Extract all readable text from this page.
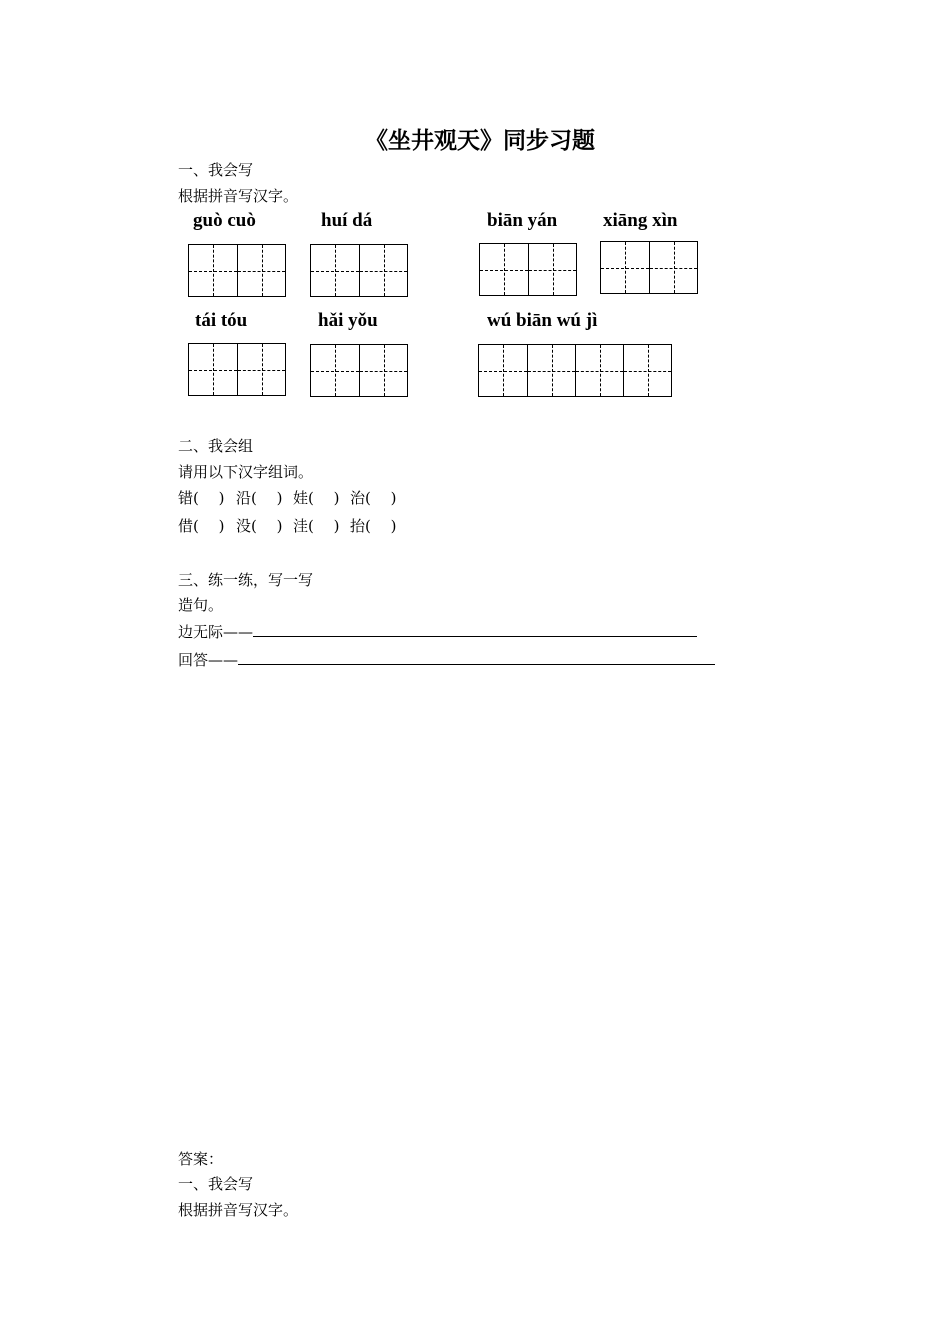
《坐井观天》同步习题
一、我会写
根据拼音写汉字。
guò cuò	huí dá	biān yán xiāng xìn
tái tóu	hǎi yǒu	wú biān wú jì
二、我会组
请用以下汉字组词。
错(　 ) 沿(　 ) 娃(　 ) 治(　 )
借(　 ) 没(　 ) 洼(　 ) 抬(　 )
三、练一练，写一写
造句。
边无际——
回答——
答案：
一、我会写
根据拼音写汉字。
